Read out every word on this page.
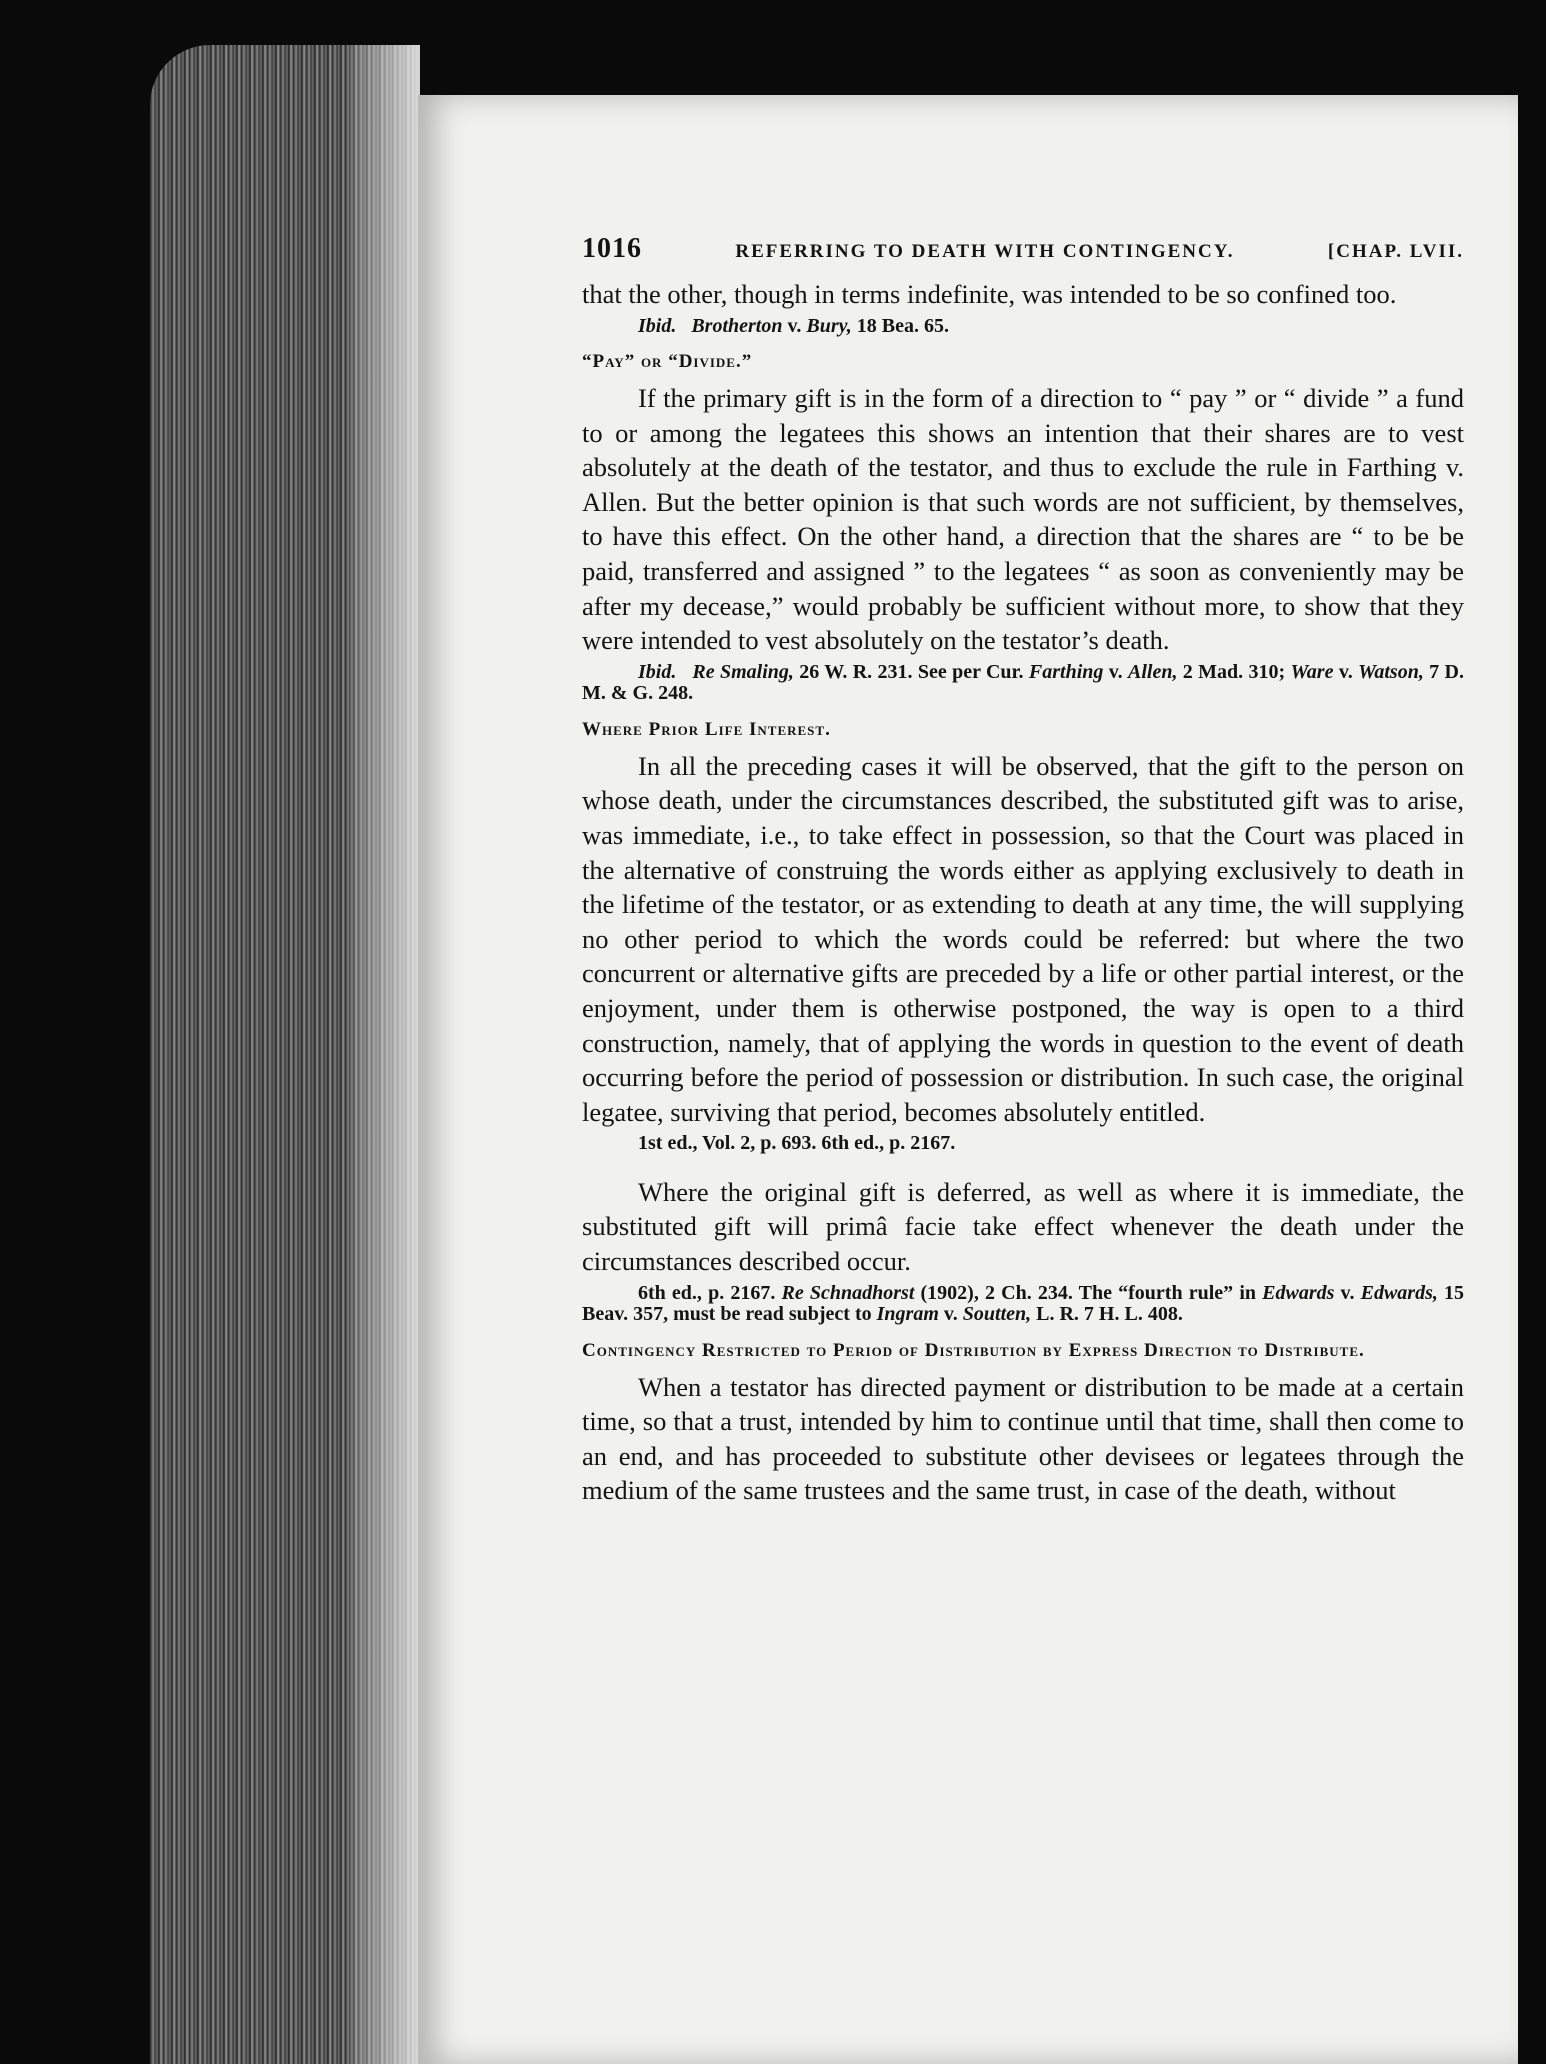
1016	REFERRING TO DEATH WITH CONTINGENCY.	[CHAP. LVII.

that the other, though in terms indefinite, was intended to be so confined too.

Ibid. Brotherton v. Bury, 18 Bea. 65.

“Pay” or “Divide.”

If the primary gift is in the form of a direction to “ pay ” or “ divide ” a fund to or among the legatees this shows an intention that their shares are to vest absolutely at the death of the testator, and thus to exclude the rule in Farthing v. Allen. But the better opinion is that such words are not sufficient, by themselves, to have this effect. On the other hand, a direction that the shares are “ to be be paid, transferred and assigned ” to the legatees “ as soon as conveniently may be after my decease,” would probably be sufficient without more, to show that they were intended to vest absolutely on the testator’s death.

Ibid. Re Smaling, 26 W. R. 231. See per Cur. Farthing v. Allen, 2 Mad. 310; Ware v. Watson, 7 D. M. & G. 248.

Where Prior Life Interest.

In all the preceding cases it will be observed, that the gift to the person on whose death, under the circumstances described, the substituted gift was to arise, was immediate, i.e., to take effect in possession, so that the Court was placed in the alternative of construing the words either as applying exclusively to death in the lifetime of the testator, or as extending to death at any time, the will supplying no other period to which the words could be referred: but where the two concurrent or alternative gifts are preceded by a life or other partial interest, or the enjoyment, under them is otherwise postponed, the way is open to a third construction, namely, that of applying the words in question to the event of death occurring before the period of possession or distribution. In such case, the original legatee, surviving that period, becomes absolutely entitled.

1st ed., Vol. 2, p. 693. 6th ed., p. 2167.

Where the original gift is deferred, as well as where it is immediate, the substituted gift will primâ facie take effect whenever the death under the circumstances described occur.

6th ed., p. 2167. Re Schnadhorst (1902), 2 Ch. 234. The “fourth rule” in Edwards v. Edwards, 15 Beav. 357, must be read subject to Ingram v. Soutten, L. R. 7 H. L. 408.

Contingency Restricted to Period of Distribution by Express Direction to Distribute.

When a testator has directed payment or distribution to be made at a certain time, so that a trust, intended by him to continue until that time, shall then come to an end, and has proceeded to substitute other devisees or legatees through the medium of the same trustees and the same trust, in case of the death, without
